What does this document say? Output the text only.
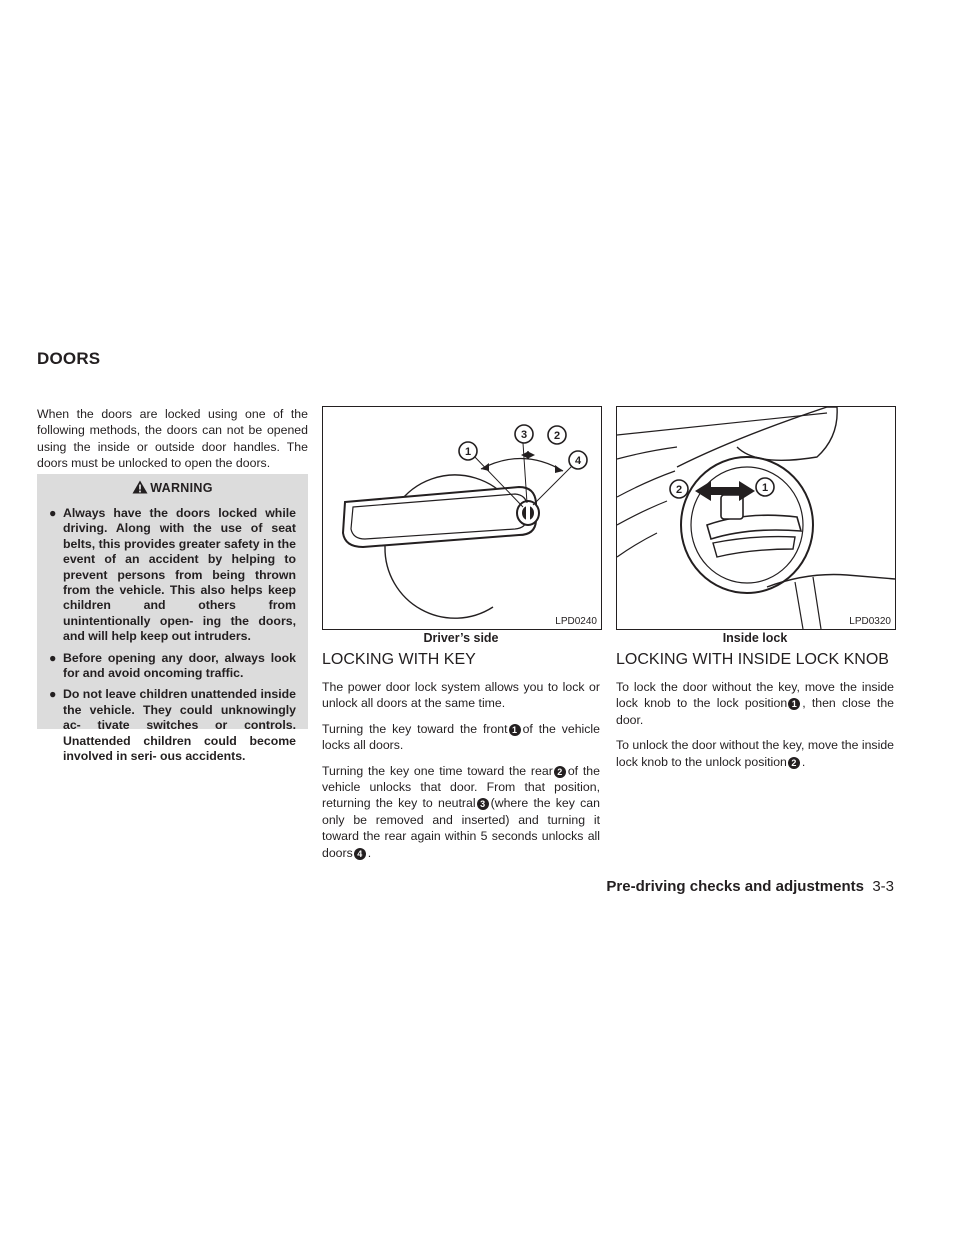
DOORS

When the doors are locked using one of the following methods, the doors can not be opened using the inside or outside door handles. The doors must be unlocked to open the doors.

WARNING
● Always have the doors locked while driving. Along with the use of seat belts, this provides greater safety in the event of an accident by helping to prevent persons from being thrown from the vehicle. This also helps keep children and others from unintentionally open- ing the doors, and will help keep out intruders.
● Before opening any door, always look for and avoid oncoming traffic.
● Do not leave children unattended inside the vehicle. They could unknowingly ac- tivate switches or controls. Unattended children could become involved in seri- ous accidents.
1
3 2
4
LPD0240
Driver’s side
2	1
LPD0320
Inside lock
LOCKING WITH KEY

The power door lock system allows you to lock or unlock all doors at the same time.

Turning the key toward the front 1 of the vehicle locks all doors.

Turning the key one time toward the rear 2 of the vehicle unlocks that door. From that position, returning the key to neutral 3 (where the key can only be removed and inserted) and turning it toward the rear again within 5 seconds unlocks all doors 4 .

LOCKING WITH INSIDE LOCK KNOB

To lock the door without the key, move the inside lock knob to the lock position 1 , then close the door.

To unlock the door without the key, move the inside lock knob to the unlock position 2 .

Pre-driving checks and adjustments 3-3
